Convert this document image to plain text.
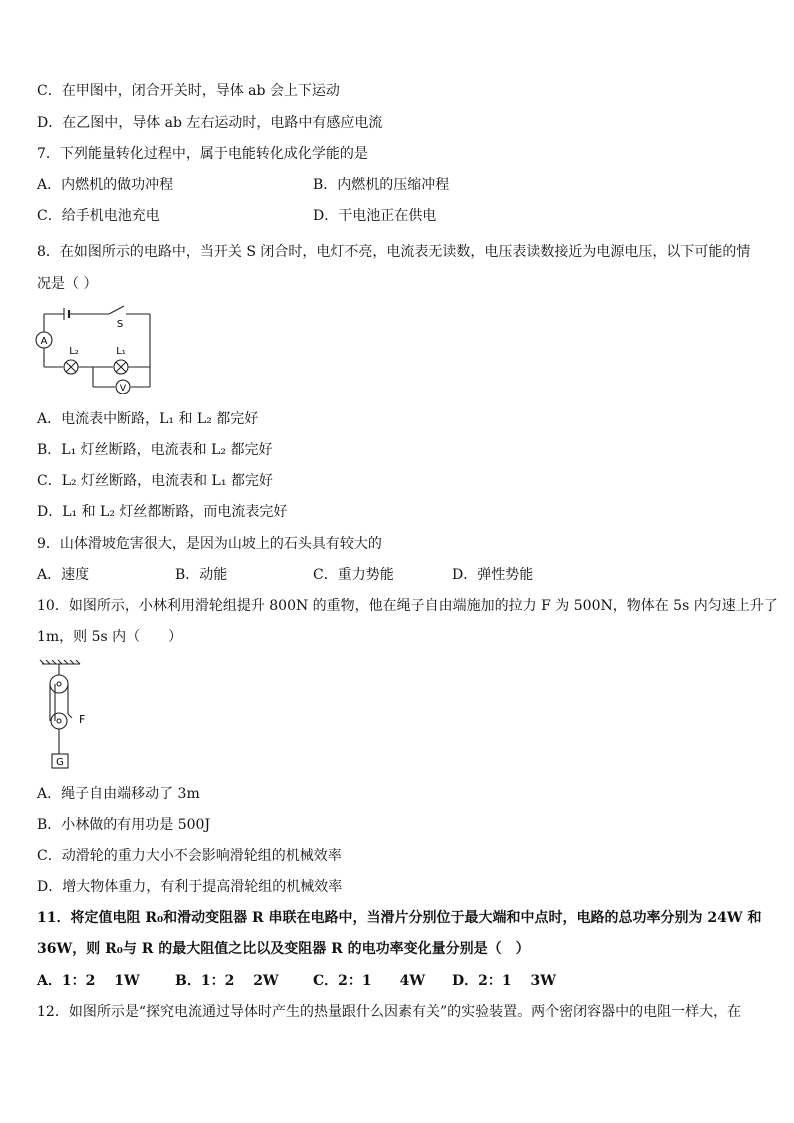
C．在甲图中，闭合开关时，导体 ab 会上下运动
D．在乙图中，导体 ab 左右运动时，电路中有感应电流
7．下列能量转化过程中，属于电能转化成化学能的是
A．内燃机的做功冲程	B．内燃机的压缩冲程
C．给手机电池充电	D．干电池正在供电
8．在如图所示的电路中，当开关 S 闭合时，电灯不亮，电流表无读数，电压表读数接近为电源电压，以下可能的情
况是（ ）
A
S
L₂	L₁
V
A．电流表中断路，L₁ 和 L₂ 都完好
B．L₁ 灯丝断路，电流表和 L₂ 都完好
C．L₂ 灯丝断路，电流表和 L₁ 都完好
D．L₁ 和 L₂ 灯丝都断路，而电流表完好
9．山体滑坡危害很大，是因为山坡上的石头具有较大的
A．速度	B．动能	C．重力势能	D．弹性势能
10．如图所示，小林利用滑轮组提升 800N 的重物，他在绳子自由端施加的拉力 F 为 500N，物体在 5s 内匀速上升了
1m，则 5s 内（　　）
F
G
A．绳子自由端移动了 3m
B．小林做的有用功是 500J
C．动滑轮的重力大小不会影响滑轮组的机械效率
D．增大物体重力，有利于提高滑轮组的机械效率
11．将定值电阻 R₀和滑动变阻器 R 串联在电路中，当滑片分别位于最大端和中点时，电路的总功率分别为 24W 和
36W，则 R₀与 R 的最大阻值之比以及变阻器 R 的电功率变化量分别是（　）
A．1：2　 1W	B．1：2　 2W C．2：1　　4W D．2：1　 3W
12．如图所示是“探究电流通过导体时产生的热量跟什么因素有关”的实验装置。两个密闭容器中的电阻一样大，在
